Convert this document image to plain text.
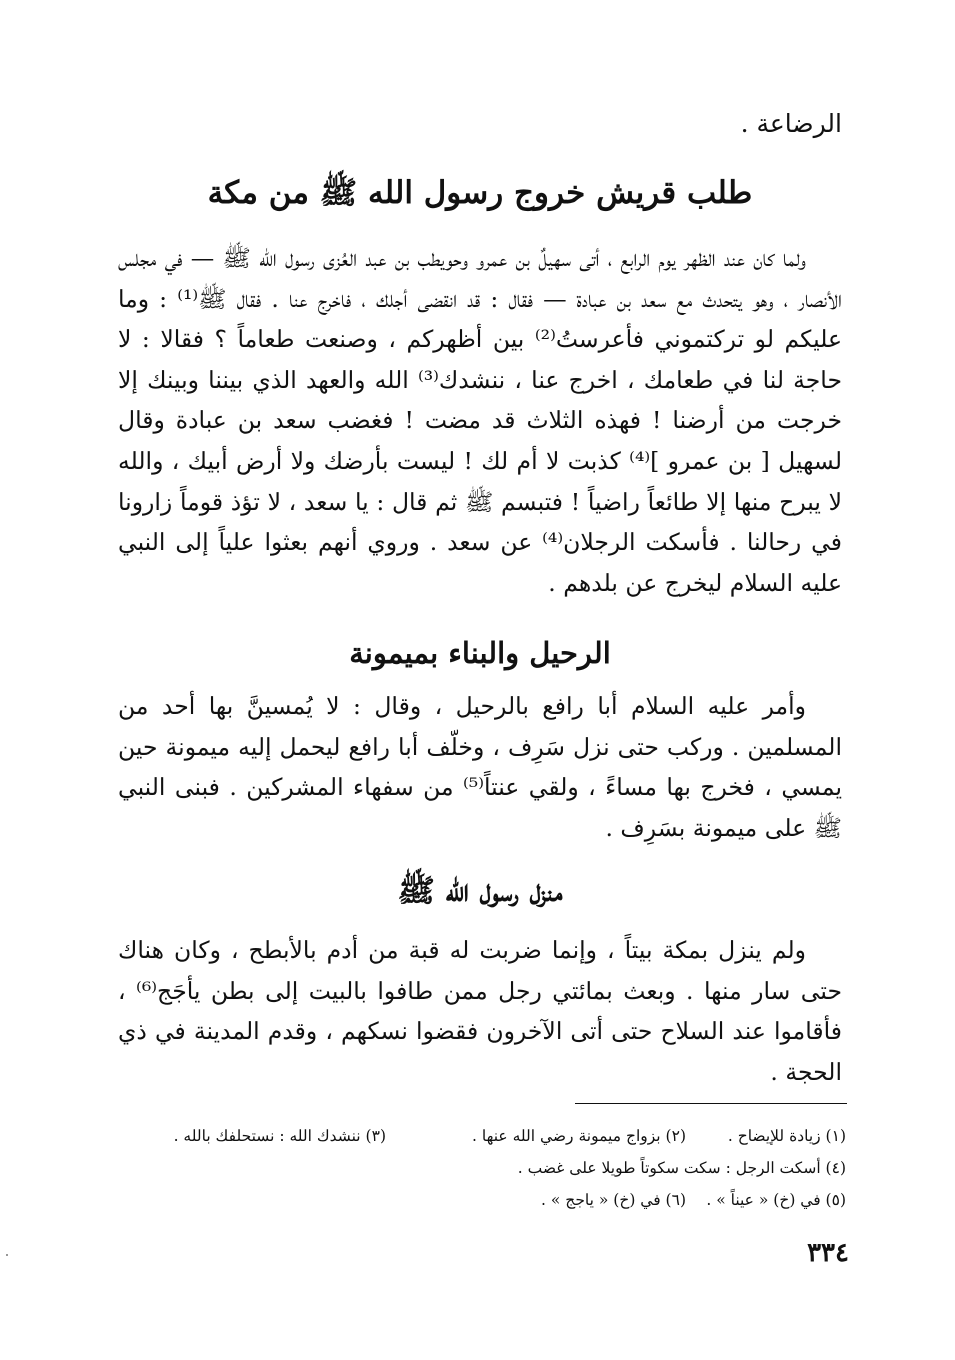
الرضاعة .

طلب قريش خروج رسول الله ﷺ من مكة

ولما كان عند الظهر يوم الرابع ، أتى سهيلٌ بن عمرو وحويطب بن عبد العُزى رسول الله ﷺ — في مجلس الأنصار ، وهو يتحدث مع سعد بن عبادة — فقال : قد انقضى أجلك ، فاخرج عنا . فقال ﷺ⁽¹⁾ : وما عليكم لو تركتموني فأعرستُ⁽²⁾ بين أظهركم ، وصنعت طعاماً ؟ فقالا : لا حاجة لنا في طعامك ، اخرج عنا ، ننشدك⁽³⁾ الله والعهد الذي بيننا وبينك إلا خرجت من أرضنا ! فهذه الثلاث قد مضت ! فغضب سعد بن عبادة وقال لسهيل [ بن عمرو ]⁽⁴⁾ كذبت لا أم لك ! ليست بأرضك ولا أرض أبيك ، والله لا يبرح منها إلا طائعاً راضياً ! فتبسم ﷺ ثم قال : يا سعد ، لا تؤذ قوماً زارونا في رحالنا . فأسكت الرجلان⁽⁴⁾ عن سعد . وروي أنهم بعثوا علياً إلى النبي عليه السلام ليخرج عن بلدهم .

الرحيل والبناء بميمونة

وأمر عليه السلام أبا رافع بالرحيل ، وقال : لا يُمسينَّ بها أحد من المسلمين . وركب حتى نزل سَرِف ، وخلّف أبا رافع ليحمل إليه ميمونة حين يمسي ، فخرج بها مساءً ، ولقي عنتاً⁽⁵⁾ من سفهاء المشركين . فبنى النبي ﷺ على ميمونة بسَرِف .

منزل رسول الله ﷺ

ولم ينزل بمكة بيتاً ، وإنما ضربت له قبة من أدم بالأبطح ، وكان هناك حتى سار منها . وبعث بمائتي رجل ممن طافوا بالبيت إلى بطن يأجَج⁽⁶⁾ ، فأقاموا عند السلاح حتى أتى الآخرون فقضوا نسكهم ، وقدم المدينة في ذي الحجة .

(١) زيادة للإيضاح .
(٢) بزواج ميمونة رضي الله عنها .
(٣) ننشدك الله : نستحلفك بالله .
(٤) أسكت الرجل : سكت سكوتاً طويلا على غضب .
(٥) في (خ) « عيناً » .
(٦) في (خ) « ياجج » .
٣٣٤
